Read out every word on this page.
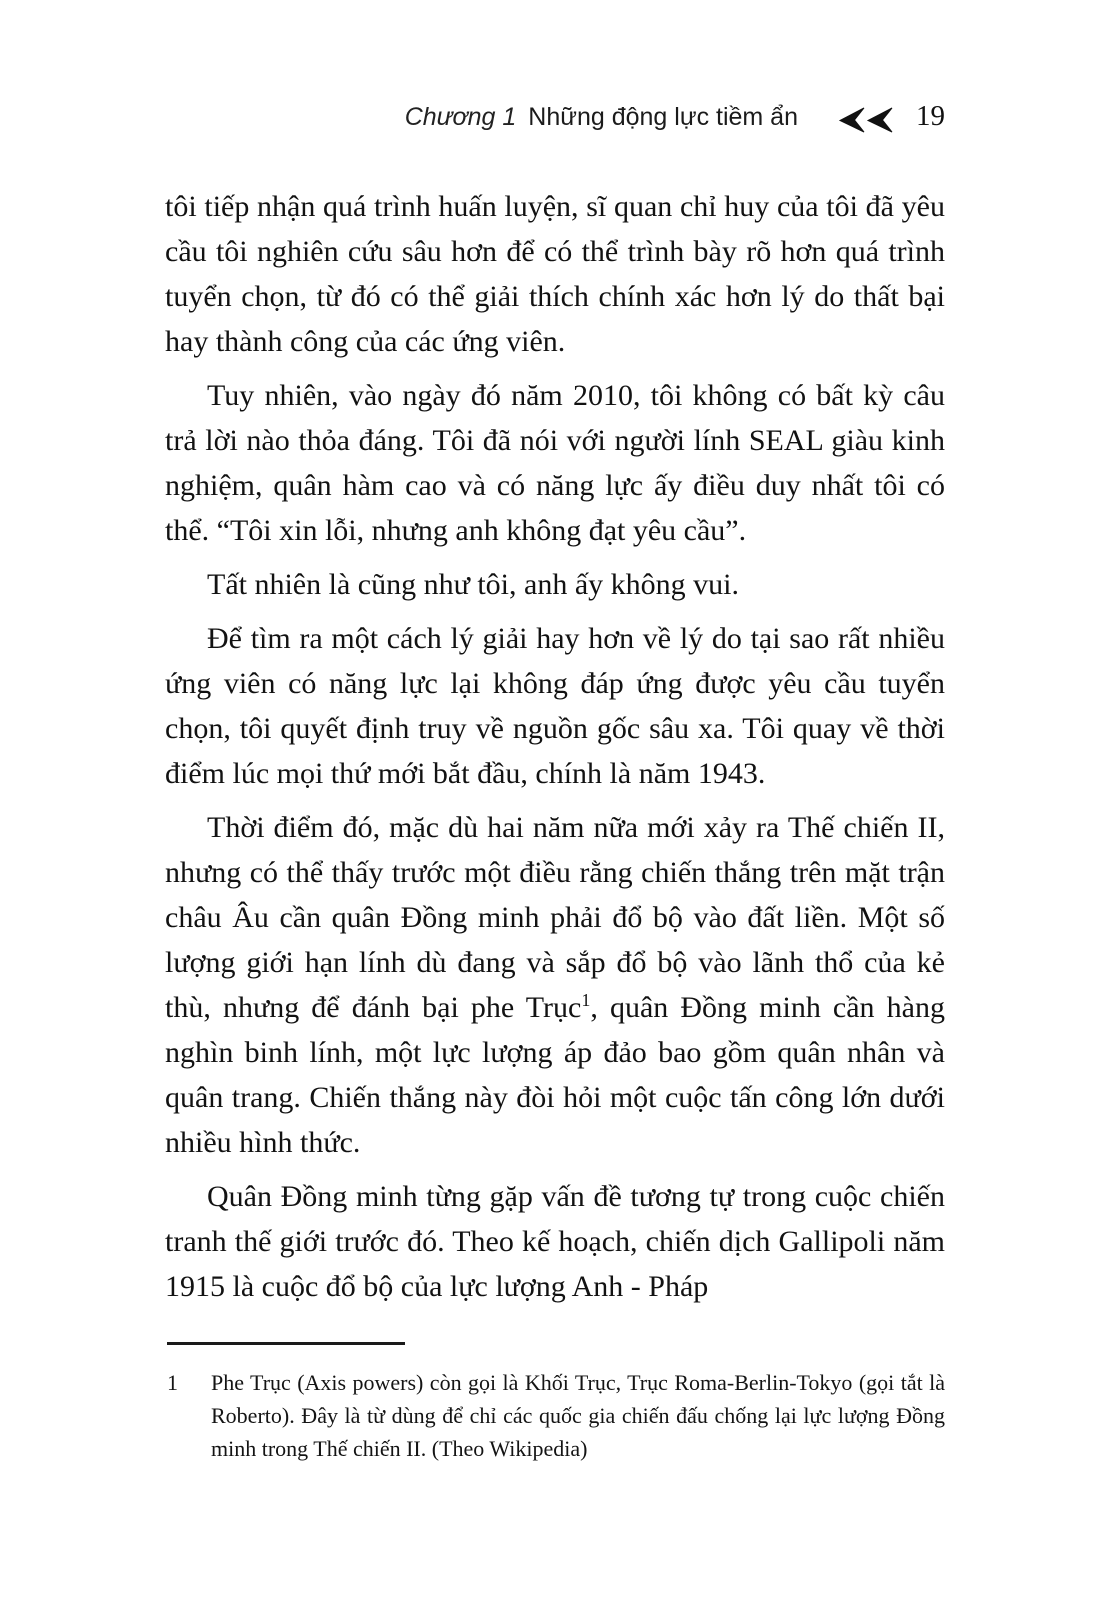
Chương 1 Những động lực tiềm ẩn	19

tôi tiếp nhận quá trình huấn luyện, sĩ quan chỉ huy của tôi đã yêu cầu tôi nghiên cứu sâu hơn để có thể trình bày rõ hơn quá trình tuyển chọn, từ đó có thể giải thích chính xác hơn lý do thất bại hay thành công của các ứng viên.

Tuy nhiên, vào ngày đó năm 2010, tôi không có bất kỳ câu trả lời nào thỏa đáng. Tôi đã nói với người lính SEAL giàu kinh nghiệm, quân hàm cao và có năng lực ấy điều duy nhất tôi có thể. “Tôi xin lỗi, nhưng anh không đạt yêu cầu”.

Tất nhiên là cũng như tôi, anh ấy không vui.

Để tìm ra một cách lý giải hay hơn về lý do tại sao rất nhiều ứng viên có năng lực lại không đáp ứng được yêu cầu tuyển chọn, tôi quyết định truy về nguồn gốc sâu xa. Tôi quay về thời điểm lúc mọi thứ mới bắt đầu, chính là năm 1943.

Thời điểm đó, mặc dù hai năm nữa mới xảy ra Thế chiến II, nhưng có thể thấy trước một điều rằng chiến thắng trên mặt trận châu Âu cần quân Đồng minh phải đổ bộ vào đất liền. Một số lượng giới hạn lính dù đang và sắp đổ bộ vào lãnh thổ của kẻ thù, nhưng để đánh bại phe Trục$^1$, quân Đồng minh cần hàng nghìn binh lính, một lực lượng áp đảo bao gồm quân nhân và quân trang. Chiến thắng này đòi hỏi một cuộc tấn công lớn dưới nhiều hình thức.

Quân Đồng minh từng gặp vấn đề tương tự trong cuộc chiến tranh thế giới trước đó. Theo kế hoạch, chiến dịch Gallipoli năm 1915 là cuộc đổ bộ của lực lượng Anh - Pháp

1	Phe Trục (Axis powers) còn gọi là Khối Trục, Trục Roma-Berlin-Tokyo (gọi tắt là Roberto). Đây là từ dùng để chỉ các quốc gia chiến đấu chống lại lực lượng Đồng minh trong Thế chiến II. (Theo Wikipedia)
